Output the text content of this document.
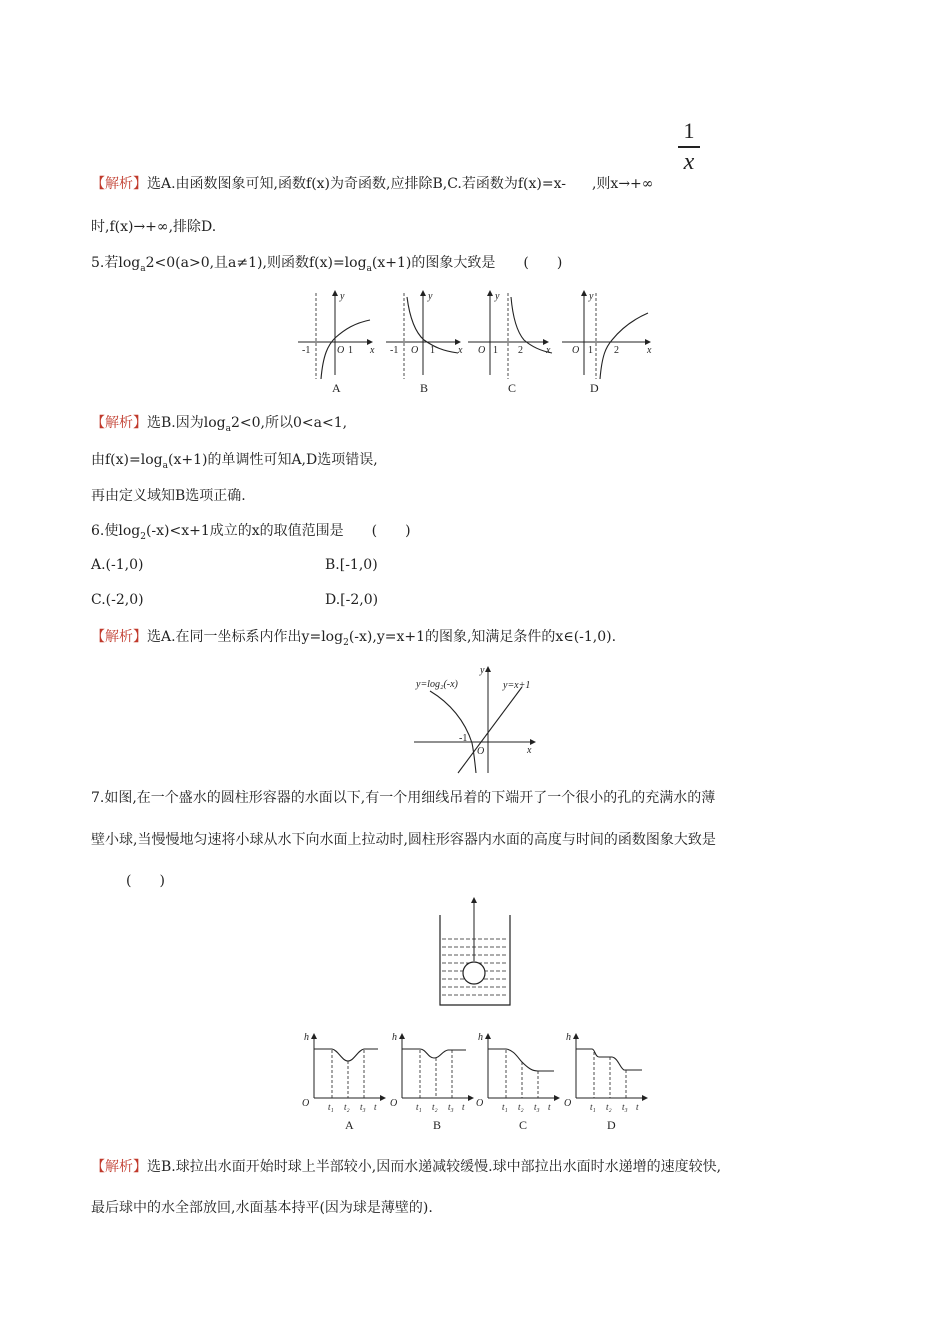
1
x
【解析】选A.由函数图象可知,函数f(x)为奇函数,应排除B,C.若函数为f(x)=x- ,则x→+∞
时,f(x)→+∞,排除D.
5.若$\log_a2<0(a>0$,且a≠1),则函数$f(x)=\log_a(x+1)$的图象大致是　　(　　)
y
x
-1	O 1
A
y
x
-1 O 1
B
y
x
O 1 2
C
y
x
O 1 2
D
【解析】选B.因为$\log_a2<0$,所以0<a<1,
由$f(x)=\log_a(x+1)$的单调性可知A,D选项错误,
再由定义域知B选项正确.
6.使$\log_2(-x)<x+1$成立的x的取值范围是　　(　　)
A.(-1,0)	B.[-1,0)
C.(-2,0)	D.[-2,0)
【解析】选A.在同一坐标系内作出$y=\log_2(-x),y=x+1$的图象,知满足条件的x∈(-1,0).
y=log₂(-x)	y=x+1
-1
O	x
y
7.如图,在一个盛水的圆柱形容器的水面以下,有一个用细线吊着的下端开了一个很小的孔的充满水的薄
壁小球,当慢慢地匀速将小球从水下向水面上拉动时,圆柱形容器内水面的高度与时间的函数图象大致是
(　　)
h
O t₁ t₂ t₃ t
A
h
O t₁ t₂ t₃ t
B
h
O t₁ t₂ t₃ t
C
h
O t₁ t₂ t₃ t
D
【解析】选B.球拉出水面开始时球上半部较小,因而水递减较缓慢.球中部拉出水面时水递增的速度较快,
最后球中的水全部放回,水面基本持平(因为球是薄壁的).
